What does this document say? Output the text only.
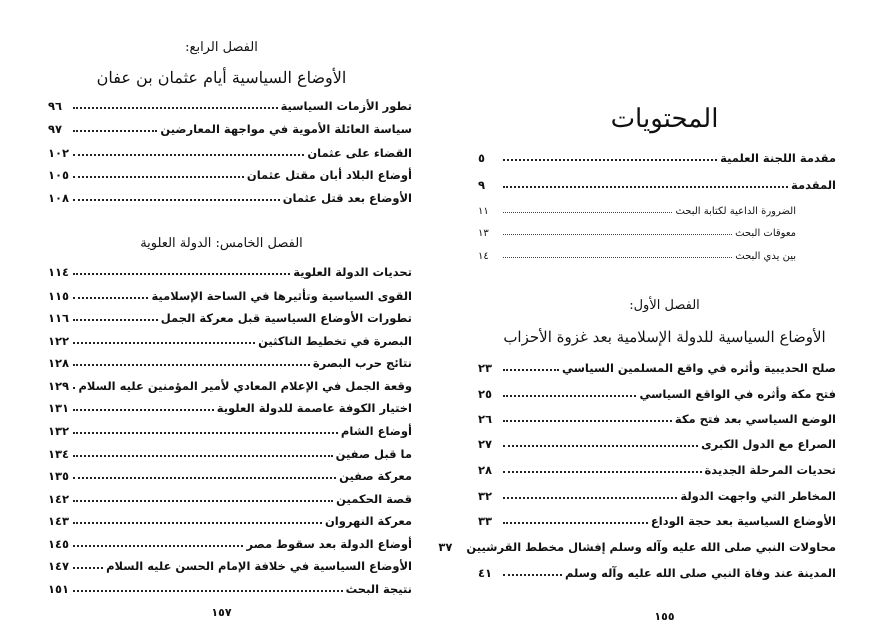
الفصل الرابع:
الأوضاع السياسية أيام عثمان بن عفان
الفصل الخامس: الدولة العلوية
١٥٧
تطور الأزمات السياسية
٩٦
سياسة العائلة الأموية في مواجهة المعارضين
٩٧
القضاء على عثمان
١٠٢
أوضاع البلاد أبان مقتل عثمان
١٠٥
الأوضاع بعد قتل عثمان
١٠٨
تحديات الدولة العلوية
١١٤
القوى السياسية وتأثيرها في الساحة الإسلامية
١١٥
تطورات الأوضاع السياسية قبل معركة الجمل
١١٦
البصرة في تخطيط الناكثين
١٢٢
نتائج حرب البصرة
١٢٨
وقعة الجمل في الإعلام المعادي لأمير المؤمنين عليه السلام
١٢٩
اختيار الكوفة عاصمة للدولة العلوية
١٣١
أوضاع الشام
١٣٢
ما قبل صفين
١٣٤
معركة صفين
١٣٥
قصة الحكمين
١٤٢
معركة النهروان
١٤٣
أوضاع الدولة بعد سقوط مصر
١٤٥
الأوضاع السياسية في خلافة الإمام الحسن عليه السلام
١٤٧
نتيجة البحث
١٥١
المحتويات
الفصل الأول:
الأوضاع السياسية للدولة الإسلامية بعد غزوة الأحزاب
١٥٥
مقدمة اللجنة العلمية
٥
المقدمة
٩
الضرورة الداعية لكتابة البحث
١١
معوقات البحث
١٣
بين يدي البحث
١٤
صلح الحديبية وأثره في واقع المسلمين السياسي
٢٣
فتح مكة وأثره في الواقع السياسي
٢٥
الوضع السياسي بعد فتح مكة
٢٦
الصراع مع الدول الكبرى
٢٧
تحديات المرحلة الجديدة
٢٨
المخاطر التي واجهت الدولة
٣٢
الأوضاع السياسية بعد حجة الوداع
٣٣
محاولات النبي صلى الله عليه وآله وسلم إفشال مخطط القرشيين
٣٧
المدينة عند وفاة النبي صلى الله عليه وآله وسلم
٤١
